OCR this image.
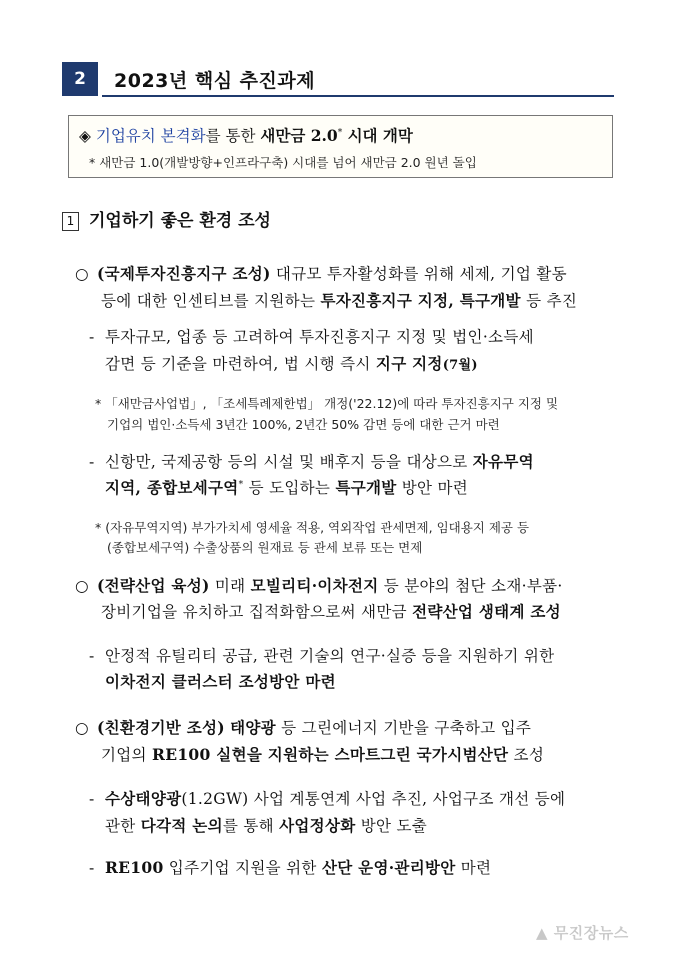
2	2023년 핵심 추진과제
◈ 기업유치 본격화를 통한 새만금 2.0* 시대 개막
* 새만금 1.0(개발방향+인프라구축) 시대를 넘어 새만금 2.0 원년 돌입
1 기업하기 좋은 환경 조성
○ (국제투자진흥지구 조성) 대규모 투자활성화를 위해 세제, 기업 활동
등에 대한 인센티브를 지원하는 투자진흥지구 지정, 특구개발 등 추진
- 투자규모, 업종 등 고려하여 투자진흥지구 지정 및 법인·소득세
감면 등 기준을 마련하여, 법 시행 즉시 지구 지정(7월)
* 「새만금사업법」, 「조세특례제한법」 개정('22.12)에 따라 투자진흥지구 지정 및
기업의 법인·소득세 3년간 100%, 2년간 50% 감면 등에 대한 근거 마련
- 신항만, 국제공항 등의 시설 및 배후지 등을 대상으로 자유무역
지역, 종합보세구역* 등 도입하는 특구개발 방안 마련
* (자유무역지역) 부가가치세 영세율 적용, 역외작업 관세면제, 임대용지 제공 등
(종합보세구역) 수출상품의 원재료 등 관세 보류 또는 면제
○ (전략산업 육성) 미래 모빌리티·이차전지 등 분야의 첨단 소재·부품·
장비기업을 유치하고 집적화함으로써 새만금 전략산업 생태계 조성
- 안정적 유틸리티 공급, 관련 기술의 연구·실증 등을 지원하기 위한
이차전지 클러스터 조성방안 마련
○ (친환경기반 조성) 태양광 등 그린에너지 기반을 구축하고 입주
기업의 RE100 실현을 지원하는 스마트그린 국가시범산단 조성
- 수상태양광(1.2GW) 사업 계통연계 사업 추진, 사업구조 개선 등에
관한 다각적 논의를 통해 사업정상화 방안 도출
- RE100 입주기업 지원을 위한 산단 운영·관리방안 마련
▲ 무진장뉴스
